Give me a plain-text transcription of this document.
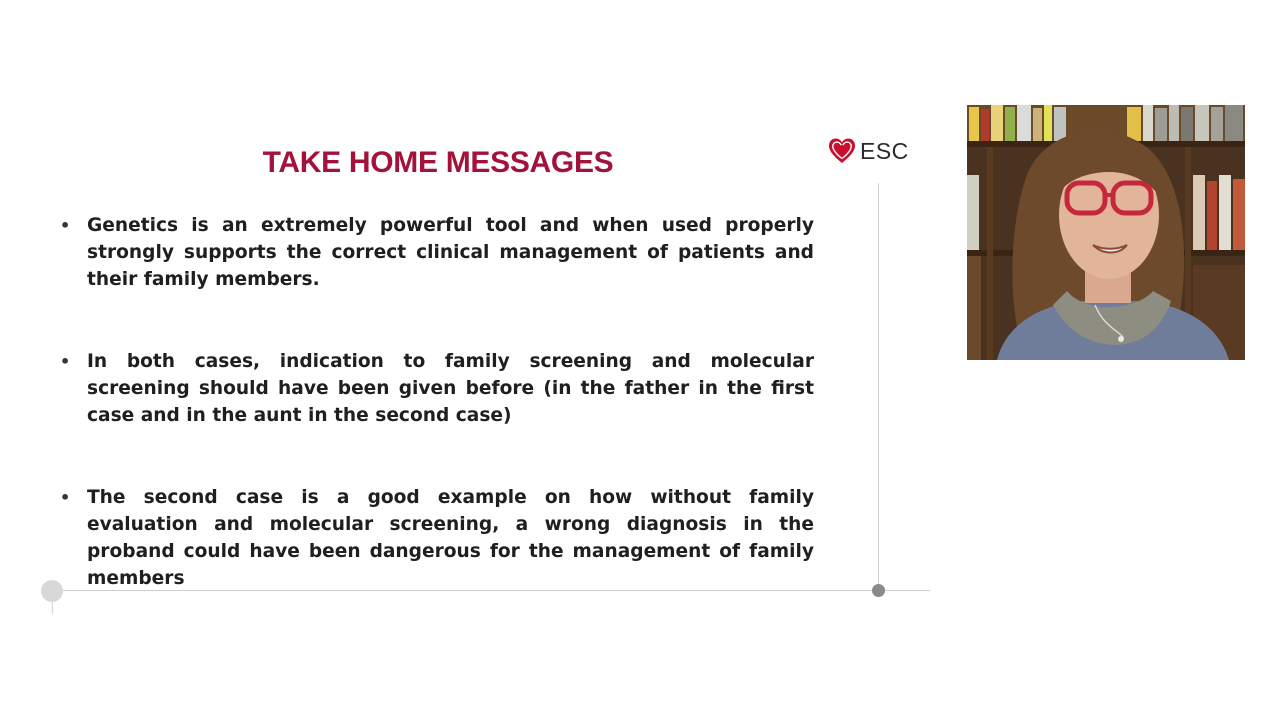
TAKE HOME MESSAGES	ESC
• Genetics is an extremely powerful tool and when used properly strongly supports the correct clinical management of patients and their family members.
• In both cases, indication to family screening and molecular screening should have been given before (in the father in the first case and in the aunt in the second case)
• The second case is a good example on how without family evaluation and molecular screening, a wrong diagnosis in the proband could have been dangerous for the management of family members
